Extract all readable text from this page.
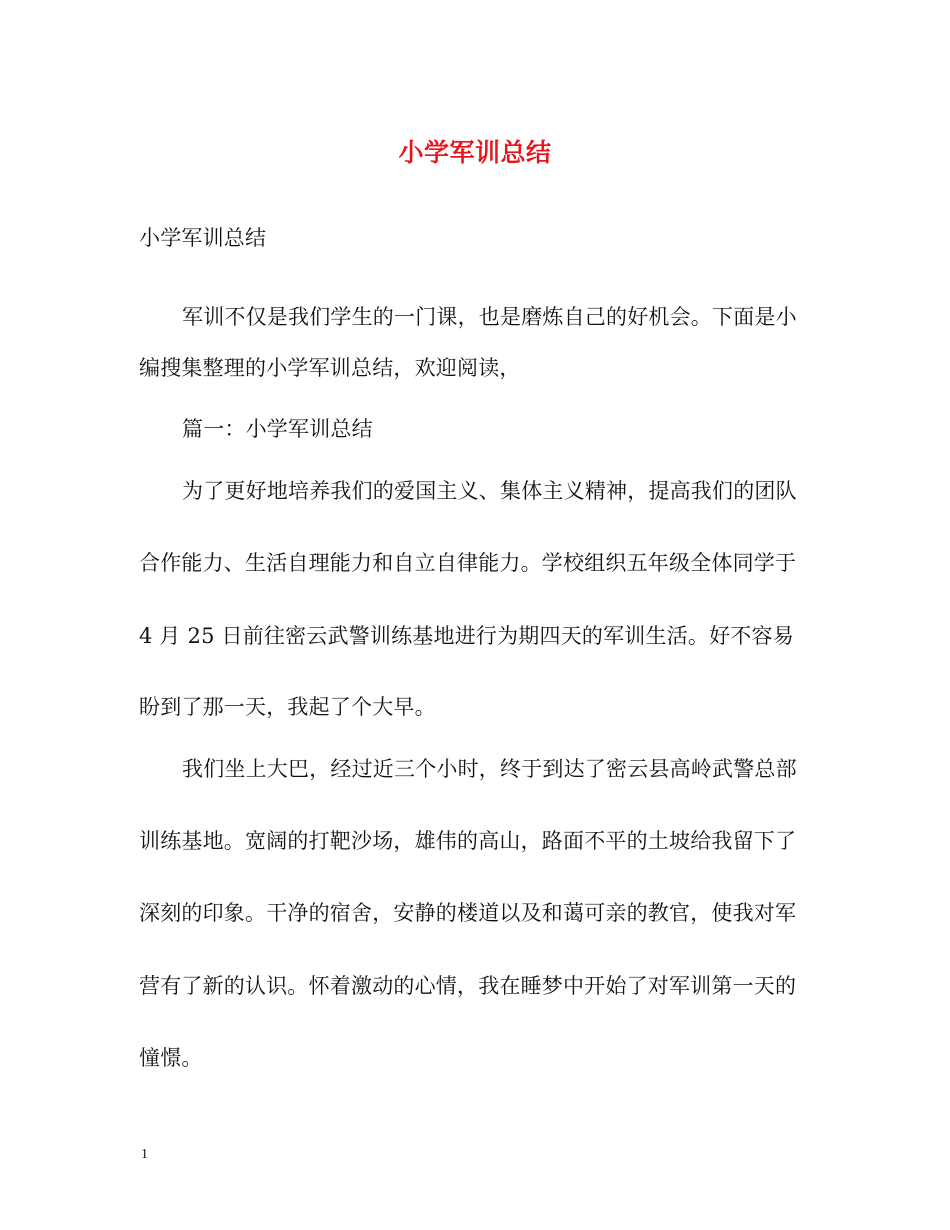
小学军训总结
小学军训总结
军训不仅是我们学生的一门课，也是磨炼自己的好机会。下面是小
编搜集整理的小学军训总结，欢迎阅读，
篇一：小学军训总结
为了更好地培养我们的爱国主义、集体主义精神，提高我们的团队
合作能力、生活自理能力和自立自律能力。学校组织五年级全体同学于
4 月 25 日前往密云武警训练基地进行为期四天的军训生活。好不容易
盼到了那一天，我起了个大早。
我们坐上大巴，经过近三个小时，终于到达了密云县高岭武警总部
训练基地。宽阔的打靶沙场，雄伟的高山，路面不平的土坡给我留下了
深刻的印象。干净的宿舍，安静的楼道以及和蔼可亲的教官，使我对军
营有了新的认识。怀着激动的心情，我在睡梦中开始了对军训第一天的
憧憬。
1
